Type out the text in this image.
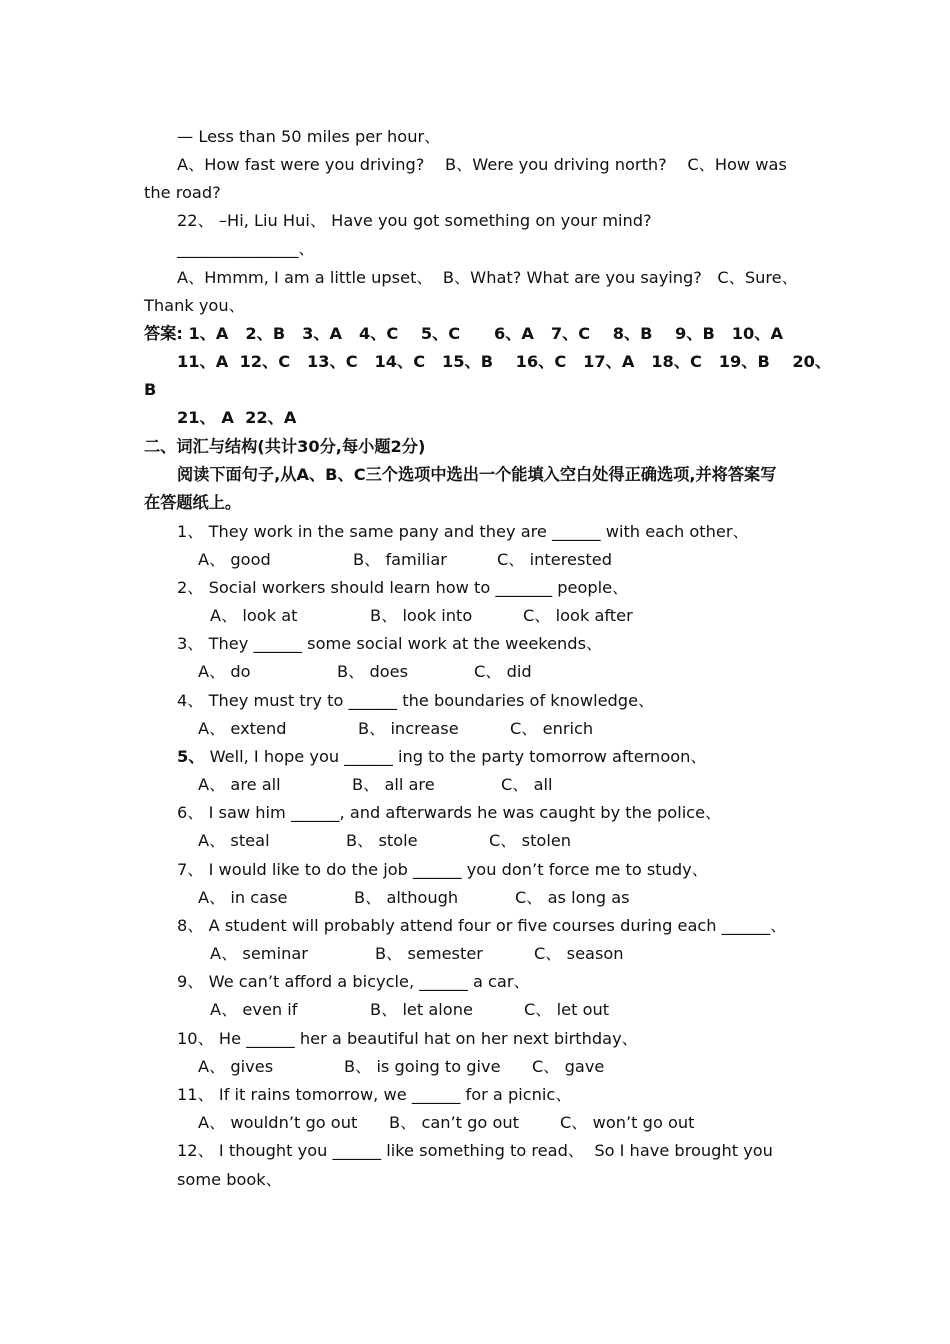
— Less than 50 miles per hour、
A、How fast were you driving?    B、Were you driving north?    C、How was
the road?
22、 –Hi, Liu Hui、 Have you got something on your mind?
_______________、
A、Hmmm, I am a little upset、  B、What? What are you saying?   C、Sure、
Thank you、
答案: 1、A   2、B   3、A   4、C    5、C      6、A   7、C    8、B    9、B   10、A
11、A  12、C   13、C   14、C   15、B    16、C   17、A   18、C   19、B    20、
B
21、 A  22、A
二、词汇与结构(共计30分,每小题2分)
阅读下面句子,从A、B、C三个选项中选出一个能填入空白处得正确选项,并将答案写
在答题纸上。
1、 They work in the same pany and they are ______ with each other、
A、 good	B、 familiar	C、 interested
2、 Social workers should learn how to _______ people、
A、 look at	B、 look into	C、 look after
3、 They ______ some social work at the weekends、
A、 do	B、 does	C、 did
4、 They must try to ______ the boundaries of knowledge、
A、 extend	B、 increase	C、 enrich
5、 Well, I hope you ______ ing to the party tomorrow afternoon、
A、 are all	B、 all are	C、 all
6、 I saw him ______, and afterwards he was caught by the police、
A、 steal	B、 stole	C、 stolen
7、 I would like to do the job ______ you don’t force me to study、
A、 in case	B、 although	C、 as long as
8、 A student will probably attend four or five courses during each ______、
A、 seminar	B、 semester	C、 season
9、 We can’t afford a bicycle, ______ a car、
A、 even if	B、 let alone	C、 let out
10、 He ______ her a beautiful hat on her next birthday、
A、 gives	B、 is going to give C、 gave
11、 If it rains tomorrow, we ______ for a picnic、
A、 wouldn’t go out B、 can’t go out	C、 won’t go out
12、 I thought you ______ like something to read、  So I have brought you
some book、
